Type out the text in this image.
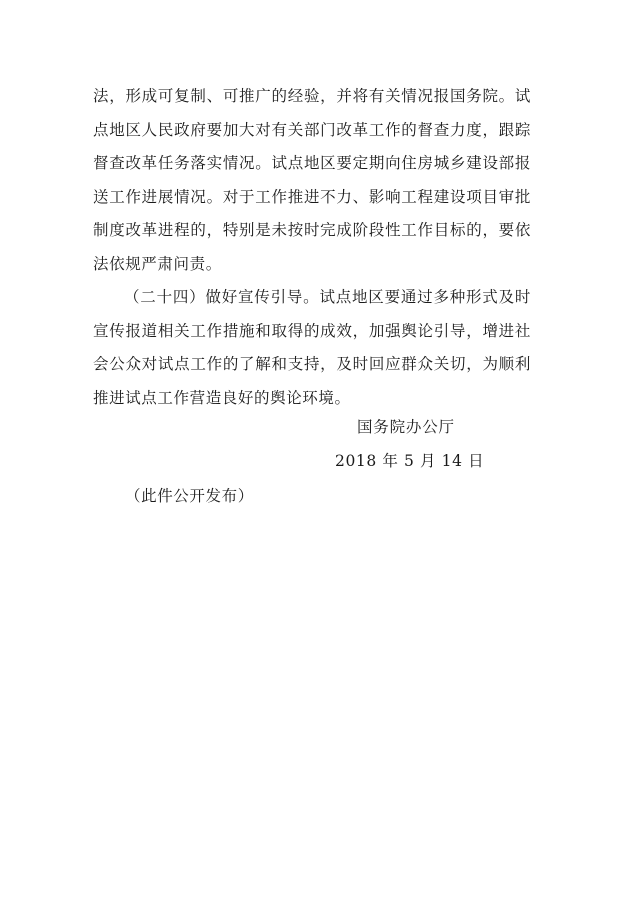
法，形成可复制、可推广的经验，并将有关情况报国务院。试点地区人民政府要加大对有关部门改革工作的督查力度，跟踪督查改革任务落实情况。试点地区要定期向住房城乡建设部报送工作进展情况。对于工作推进不力、影响工程建设项目审批制度改革进程的，特别是未按时完成阶段性工作目标的，要依法依规严肃问责。

（二十四）做好宣传引导。试点地区要通过多种形式及时宣传报道相关工作措施和取得的成效，加强舆论引导，增进社会公众对试点工作的了解和支持，及时回应群众关切，为顺利推进试点工作营造良好的舆论环境。

国务院办公厅

2018 年 5 月 14 日

（此件公开发布）
